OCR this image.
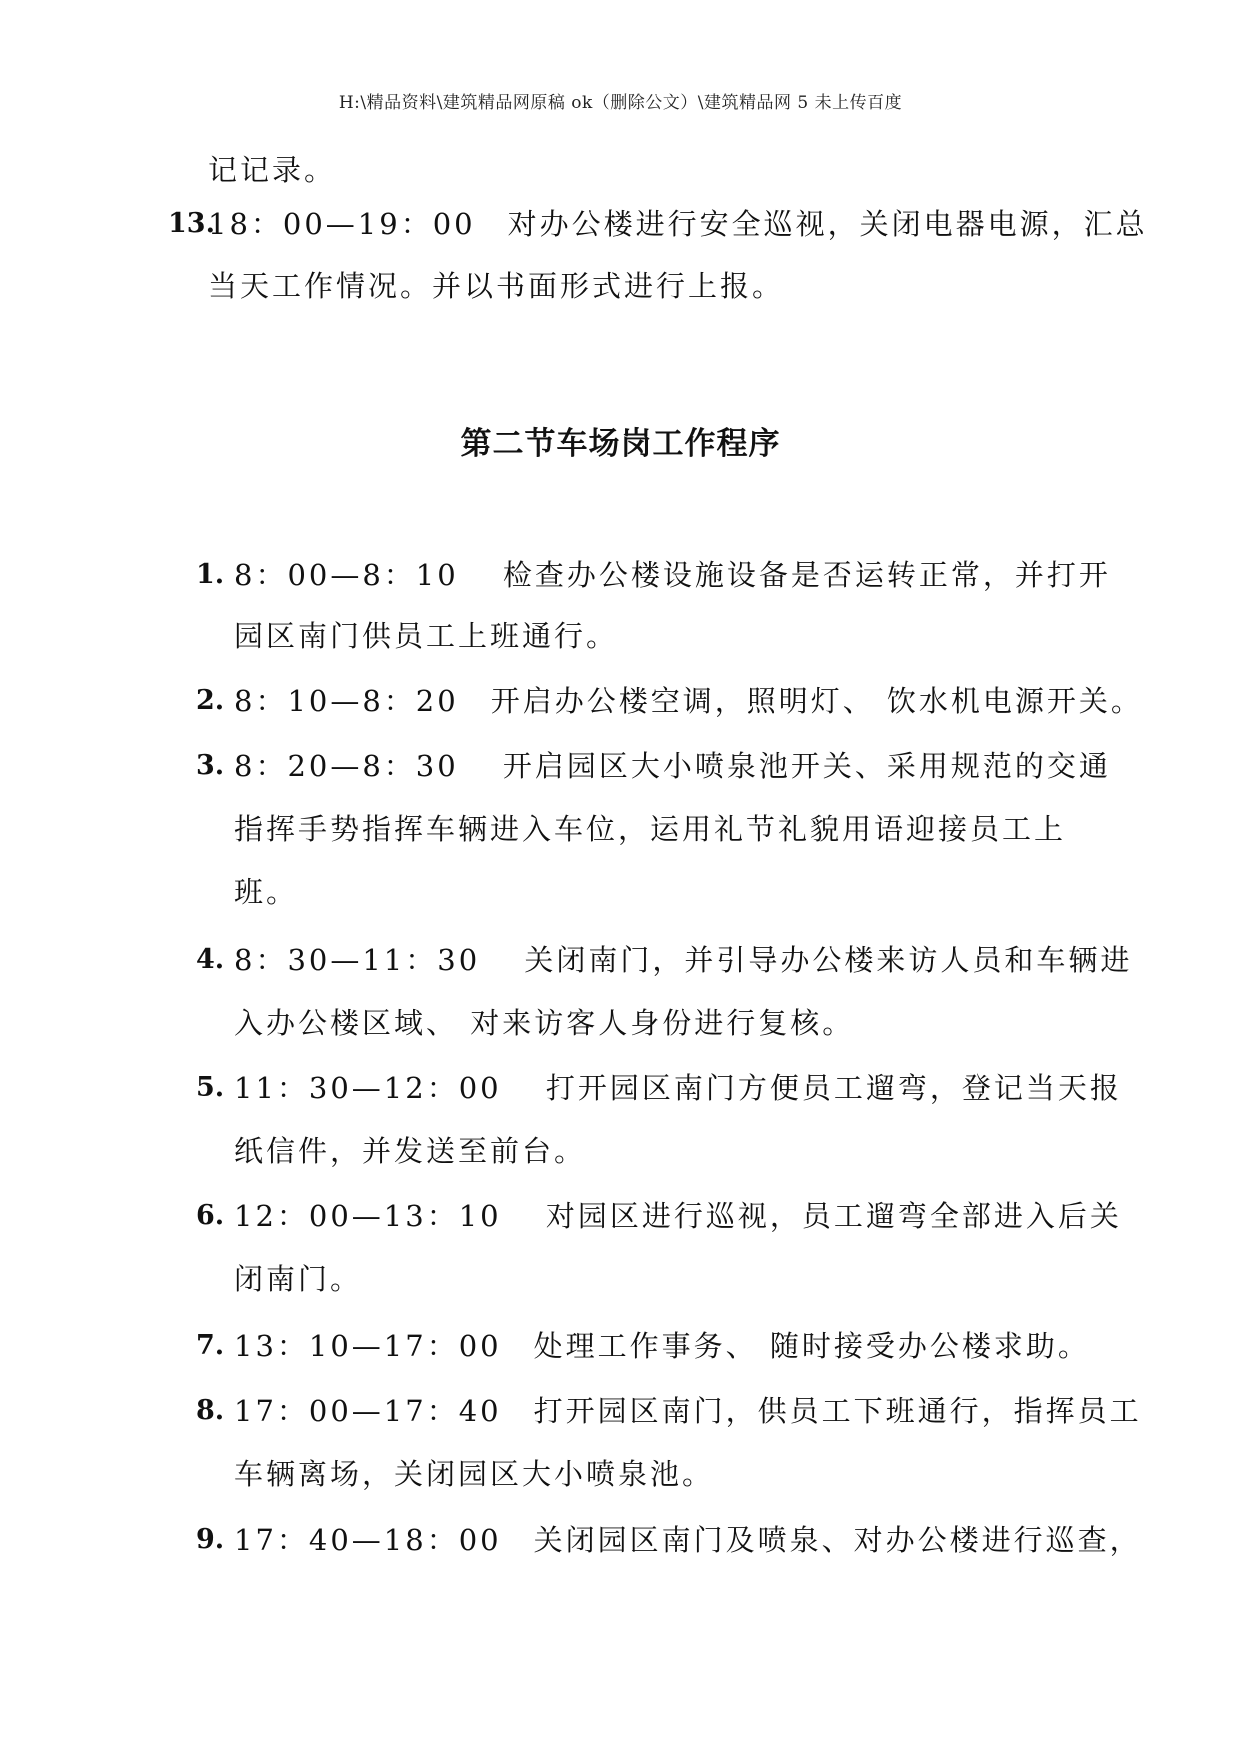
H:\精品资料\建筑精品网原稿 ok（删除公文）\建筑精品网 5 未上传百度
记记录。
13.
18：00—19：00　对办公楼进行安全巡视，关闭电器电源，汇总
当天工作情况。并以书面形式进行上报。
第二节车场岗工作程序
1. 8：00—8：10　 检查办公楼设施设备是否运转正常，并打开
园区南门供员工上班通行。
2. 8：10—8：20　开启办公楼空调，照明灯、 饮水机电源开关。
3. 8：20—8：30　 开启园区大小喷泉池开关、采用规范的交通
指挥手势指挥车辆进入车位，运用礼节礼貌用语迎接员工上
班。
4. 8：30—11：30　 关闭南门，并引导办公楼来访人员和车辆进
入办公楼区域、 对来访客人身份进行复核。
5. 11：30—12：00　 打开园区南门方便员工遛弯，登记当天报
纸信件，并发送至前台。
6. 12：00—13：10　 对园区进行巡视，员工遛弯全部进入后关
闭南门。
7. 13：10—17：00　处理工作事务、 随时接受办公楼求助。
8. 17：00—17：40　打开园区南门，供员工下班通行，指挥员工
车辆离场，关闭园区大小喷泉池。
9. 17：40—18：00　关闭园区南门及喷泉、对办公楼进行巡查，
